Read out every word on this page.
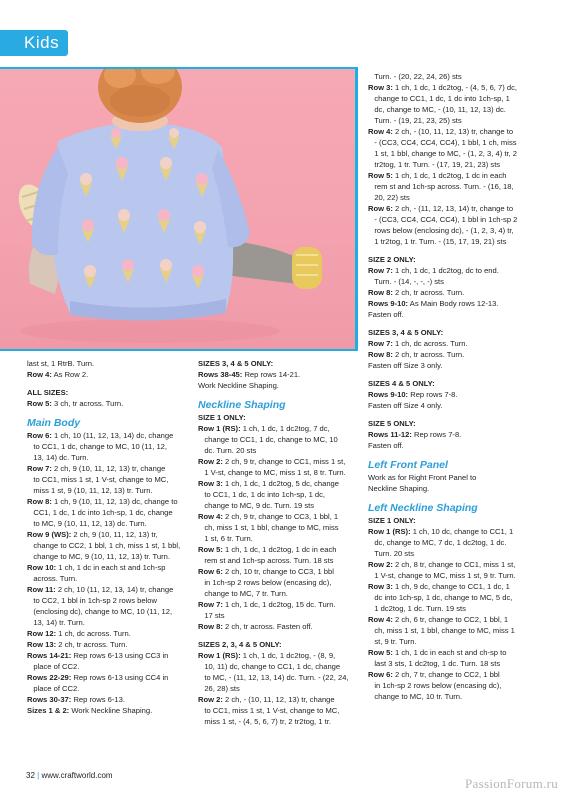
Kids

last st, 1 RtrB. Turn.

Row 4: As Row 2.

ALL SIZES:

Row 5: 3 ch, tr across. Turn.

Main Body

Row 6: 1 ch, 10 (11, 12, 13, 14) dc, change

to CC1, 1 dc, change to MC, 10 (11, 12,

13, 14) dc. Turn.

Row 7: 2 ch, 9 (10, 11, 12, 13) tr, change

to CC1, miss 1 st, 1 V-st, change to MC,

miss 1 st, 9 (10, 11, 12, 13) tr. Turn.

Row 8: 1 ch, 9 (10, 11, 12, 13) dc, change to

CC1, 1 dc, 1 dc into 1ch-sp, 1 dc, change

to MC, 9 (10, 11, 12, 13) dc. Turn.

Row 9 (WS): 2 ch, 9 (10, 11, 12, 13) tr,

change to CC2, 1 bbl, 1 ch, miss 1 st, 1 bbl,

change to MC, 9 (10, 11, 12, 13) tr. Turn.

Row 10: 1 ch, 1 dc in each st and 1ch-sp

across. Turn.

Row 11: 2 ch, 10 (11, 12, 13, 14) tr, change

to CC2, 1 bbl in 1ch-sp 2 rows below

(enclosing dc), change to MC, 10 (11, 12,

13, 14) tr. Turn.

Row 12: 1 ch, dc across. Turn.

Row 13: 2 ch, tr across. Turn.

Rows 14-21: Rep rows 6-13 using CC3 in

place of CC2.

Rows 22-29: Rep rows 6-13 using CC4 in

place of CC2.

Rows 30-37: Rep rows 6-13.

Sizes 1 & 2: Work Neckline Shaping.

SIZES 3, 4 & 5 ONLY:

Rows 38-45: Rep rows 14-21.

Work Neckline Shaping.

Neckline Shaping

SIZE 1 ONLY:

Row 1 (RS): 1 ch, 1 dc, 1 dc2tog, 7 dc,

change to CC1, 1 dc, change to MC, 10

dc. Turn. 20 sts

Row 2: 2 ch, 9 tr, change to CC1, miss 1 st,

1 V-st, change to MC, miss 1 st, 8 tr. Turn.

Row 3: 1 ch, 1 dc, 1 dc2tog, 5 dc, change

to CC1, 1 dc, 1 dc into 1ch-sp, 1 dc,

change to MC, 9 dc. Turn. 19 sts

Row 4: 2 ch, 9 tr, change to CC3, 1 bbl, 1

ch, miss 1 st, 1 bbl, change to MC, miss

1 st, 6 tr. Turn.

Row 5: 1 ch, 1 dc, 1 dc2tog, 1 dc in each

rem st and 1ch-sp across. Turn. 18 sts

Row 6: 2 ch, 10 tr, change to CC3, 1 bbl

in 1ch-sp 2 rows below (encasing dc),

change to MC, 7 tr. Turn.

Row 7: 1 ch, 1 dc, 1 dc2tog, 15 dc. Turn.

17 sts

Row 8: 2 ch, tr across. Fasten off.

SIZES 2, 3, 4 & 5 ONLY:

Row 1 (RS): 1 ch, 1 dc, 1 dc2tog, - (8, 9,

10, 11) dc, change to CC1, 1 dc, change

to MC, - (11, 12, 13, 14) dc. Turn. - (22, 24,

26, 28) sts

Row 2: 2 ch, - (10, 11, 12, 13) tr, change

to CC1, miss 1 st, 1 V-st, change to MC,

miss 1 st, - (4, 5, 6, 7) tr, 2 tr2tog, 1 tr.

Turn. - (20, 22, 24, 26) sts

Row 3: 1 ch, 1 dc, 1 dc2tog, - (4, 5, 6, 7) dc,

change to CC1, 1 dc, 1 dc into 1ch-sp, 1

dc, change to MC, - (10, 11, 12, 13) dc.

Turn. - (19, 21, 23, 25) sts

Row 4: 2 ch, - (10, 11, 12, 13) tr, change to

- (CC3, CC4, CC4, CC4), 1 bbl, 1 ch, miss

1 st, 1 bbl, change to MC, - (1, 2, 3, 4) tr, 2

tr2tog, 1 tr. Turn. - (17, 19, 21, 23) sts

Row 5: 1 ch, 1 dc, 1 dc2tog, 1 dc in each

rem st and 1ch-sp across. Turn. - (16, 18,

20, 22) sts

Row 6: 2 ch, - (11, 12, 13, 14) tr, change to

- (CC3, CC4, CC4, CC4), 1 bbl in 1ch-sp 2

rows below (enclosing dc), - (1, 2, 3, 4) tr,

1 tr2tog, 1 tr. Turn. - (15, 17, 19, 21) sts

SIZE 2 ONLY:

Row 7: 1 ch, 1 dc, 1 dc2tog, dc to end.

Turn. - (14, -, -, -) sts

Row 8: 2 ch, tr across. Turn.

Rows 9-10: As Main Body rows 12-13.

Fasten off.

SIZES 3, 4 & 5 ONLY:

Row 7: 1 ch, dc across. Turn.

Row 8: 2 ch, tr across. Turn.

Fasten off Size 3 only.

SIZES 4 & 5 ONLY:

Rows 9-10: Rep rows 7-8.

Fasten off Size 4 only.

SIZE 5 ONLY:

Rows 11-12: Rep rows 7-8.

Fasten off.

Left Front Panel

Work as for Right Front Panel to

Neckline Shaping.

Left Neckline Shaping

SIZE 1 ONLY:

Row 1 (RS): 1 ch, 10 dc, change to CC1, 1

dc, change to MC, 7 dc, 1 dc2tog, 1 dc.

Turn. 20 sts

Row 2: 2 ch, 8 tr, change to CC1, miss 1 st,

1 V-st, change to MC, miss 1 st, 9 tr. Turn.

Row 3: 1 ch, 9 dc, change to CC1, 1 dc, 1

dc into 1ch-sp, 1 dc, change to MC, 5 dc,

1 dc2tog, 1 dc. Turn. 19 sts

Row 4: 2 ch, 6 tr, change to CC2, 1 bbl, 1

ch, miss 1 st, 1 bbl, change to MC, miss 1

st, 9 tr. Turn.

Row 5: 1 ch, 1 dc in each st and ch-sp to

last 3 sts, 1 dc2tog, 1 dc. Turn. 18 sts

Row 6: 2 ch, 7 tr, change to CC2, 1 bbl

in 1ch-sp 2 rows below (encasing dc),

change to MC, 10 tr. Turn.

32 | www.craftworld.com
PassionForum.ru
